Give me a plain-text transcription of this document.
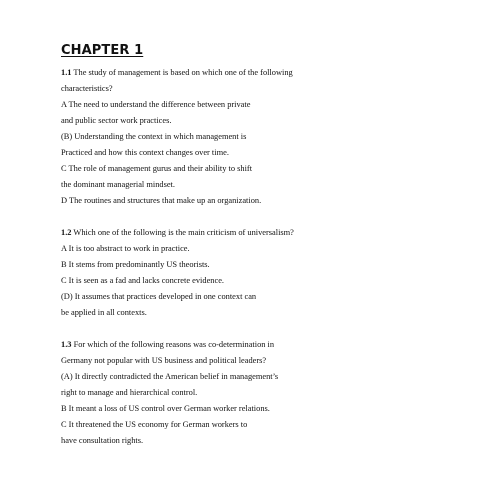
CHAPTER 1
1.1 The study of management is based on which one of the following
characteristics?
A The need to understand the difference between private
and public sector work practices.
(B) Understanding the context in which management is
Practiced and how this context changes over time.
C The role of management gurus and their ability to shift
the dominant managerial mindset.
D The routines and structures that make up an organization.
1.2 Which one of the following is the main criticism of universalism?
A It is too abstract to work in practice.
B It stems from predominantly US theorists.
C It is seen as a fad and lacks concrete evidence.
(D) It assumes that practices developed in one context can
be applied in all contexts.
1.3 For which of the following reasons was co-determination in
Germany not popular with US business and political leaders?
(A) It directly contradicted the American belief in management’s
right to manage and hierarchical control.
B It meant a loss of US control over German worker relations.
C It threatened the US economy for German workers to
have consultation rights.
